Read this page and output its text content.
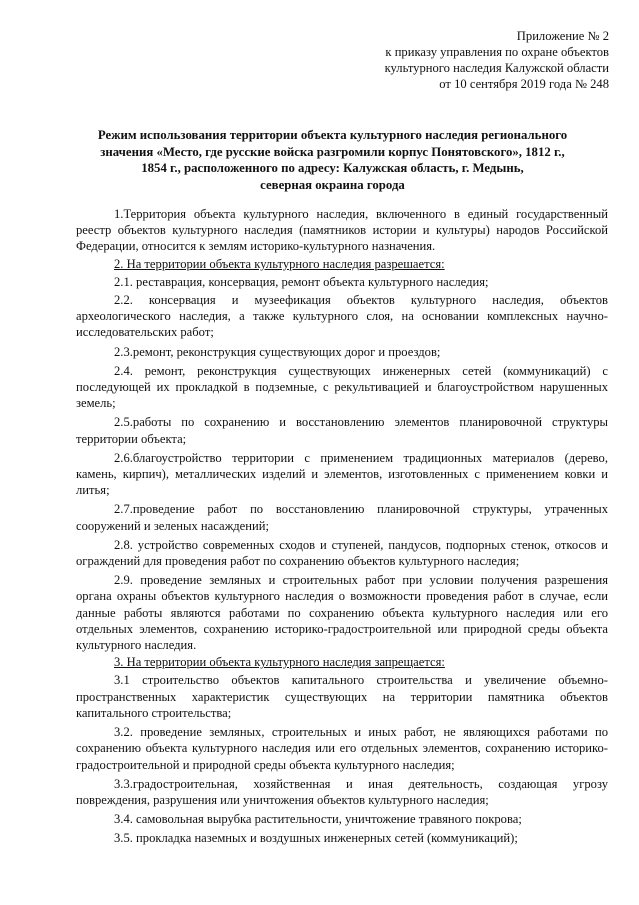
Приложение № 2
к приказу управления по охране объектов
культурного наследия Калужской области
от 10 сентября 2019 года № 248
Режим использования территории объекта культурного наследия регионального
значения «Место, где русские войска разгромили корпус Понятовского», 1812 г.,
1854 г., расположенного по адресу: Калужская область, г. Медынь,
северная окраина города

1.Территория объекта культурного наследия, включенного в единый государственный реестр объектов культурного наследия (памятников истории и культуры) народов Российской Федерации, относится к землям историко-культурного назначения.

2. На территории объекта культурного наследия разрешается:

2.1. реставрация, консервация, ремонт объекта культурного наследия;

2.2. консервация и музеефикация объектов культурного наследия, объектов археологического наследия, а также культурного слоя, на основании комплексных научно-исследовательских работ;

2.3.ремонт, реконструкция существующих дорог и проездов;

2.4. ремонт, реконструкция существующих инженерных сетей (коммуникаций) с последующей их прокладкой в подземные, с рекультивацией и благоустройством нарушенных земель;

2.5.работы по сохранению и восстановлению элементов планировочной структуры территории объекта;

2.6.благоустройство территории с применением традиционных материалов (дерево, камень, кирпич), металлических изделий и элементов, изготовленных с применением ковки и литья;

2.7.проведение работ по восстановлению планировочной структуры, утраченных сооружений и зеленых насаждений;

2.8. устройство современных сходов и ступеней, пандусов, подпорных стенок, откосов и ограждений для проведения работ по сохранению объектов культурного наследия;

2.9. проведение земляных и строительных работ при условии получения разрешения органа охраны объектов культурного наследия о возможности проведения работ в случае, если данные работы являются работами по сохранению объекта культурного наследия или его отдельных элементов, сохранению историко-градостроительной или природной среды объекта культурного наследия.

3. На территории объекта культурного наследия запрещается:

3.1 строительство объектов капитального строительства и увеличение объемно-пространственных характеристик существующих на территории памятника объектов капитального строительства;

3.2. проведение земляных, строительных и иных работ, не являющихся работами по сохранению объекта культурного наследия или его отдельных элементов, сохранению историко-градостроительной и природной среды объекта культурного наследия;

3.3.градостроительная, хозяйственная и иная деятельность, создающая угрозу повреждения, разрушения или уничтожения объектов культурного наследия;

3.4. самовольная вырубка растительности, уничтожение травяного покрова;

3.5. прокладка наземных и воздушных инженерных сетей (коммуникаций);
